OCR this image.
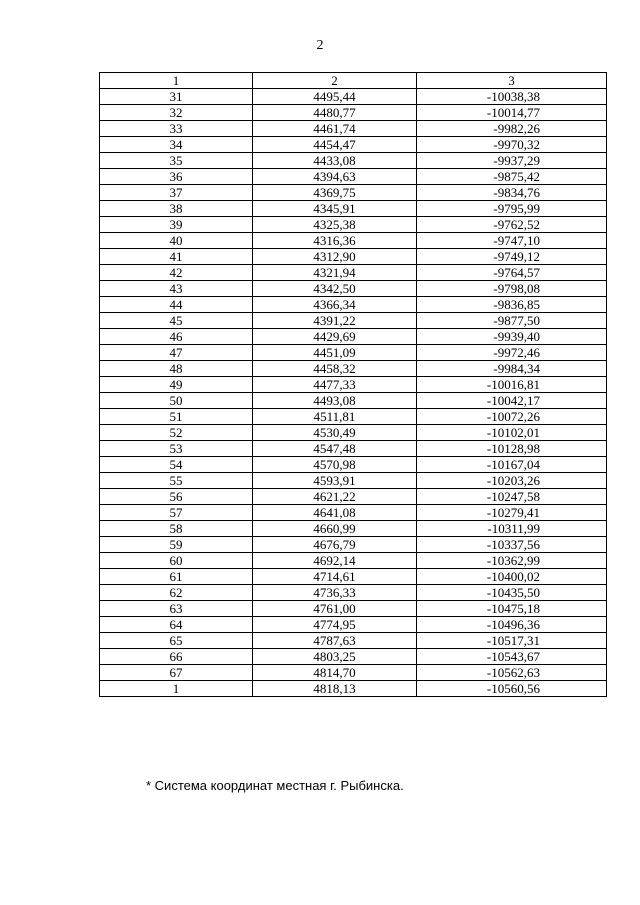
2
1	2	3
31	4495,44	-10038,38
32	4480,77	-10014,77
33	4461,74	-9982,26
34	4454,47	-9970,32
35	4433,08	-9937,29
36	4394,63	-9875,42
37	4369,75	-9834,76
38	4345,91	-9795,99
39	4325,38	-9762,52
40	4316,36	-9747,10
41	4312,90	-9749,12
42	4321,94	-9764,57
43	4342,50	-9798,08
44	4366,34	-9836,85
45	4391,22	-9877,50
46	4429,69	-9939,40
47	4451,09	-9972,46
48	4458,32	-9984,34
49	4477,33	-10016,81
50	4493,08	-10042,17
51	4511,81	-10072,26
52	4530,49	-10102,01
53	4547,48	-10128,98
54	4570,98	-10167,04
55	4593,91	-10203,26
56	4621,22	-10247,58
57	4641,08	-10279,41
58	4660,99	-10311,99
59	4676,79	-10337,56
60	4692,14	-10362,99
61	4714,61	-10400,02
62	4736,33	-10435,50
63	4761,00	-10475,18
64	4774,95	-10496,36
65	4787,63	-10517,31
66	4803,25	-10543,67
67	4814,70	-10562,63
1	4818,13	-10560,56
* Система координат местная г. Рыбинска.
